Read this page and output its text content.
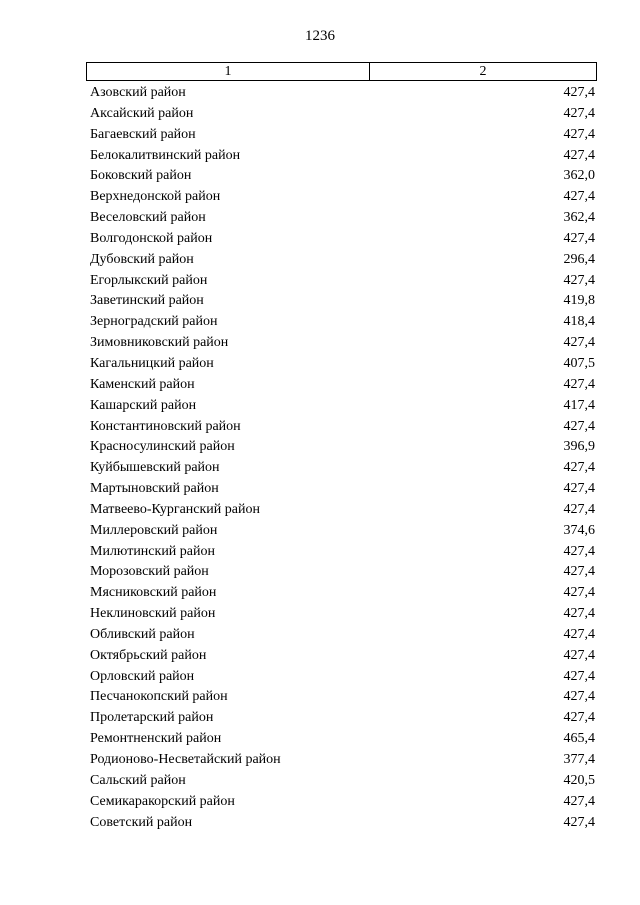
1236
1	2
Азовский район	427,4
Аксайский район	427,4
Багаевский район	427,4
Белокалитвинский район	427,4
Боковский район	362,0
Верхнедонской район	427,4
Веселовский район	362,4
Волгодонской район	427,4
Дубовский район	296,4
Егорлыкский район	427,4
Заветинский район	419,8
Зерноградский район	418,4
Зимовниковский район	427,4
Кагальницкий район	407,5
Каменский район	427,4
Кашарский район	417,4
Константиновский район	427,4
Красносулинский район	396,9
Куйбышевский район	427,4
Мартыновский район	427,4
Матвеево-Курганский район	427,4
Миллеровский район	374,6
Милютинский район	427,4
Морозовский район	427,4
Мясниковский район	427,4
Неклиновский район	427,4
Обливский район	427,4
Октябрьский район	427,4
Орловский район	427,4
Песчанокопский район	427,4
Пролетарский район	427,4
Ремонтненский район	465,4
Родионово-Несветайский район	377,4
Сальский район	420,5
Семикаракорский район	427,4
Советский район	427,4
